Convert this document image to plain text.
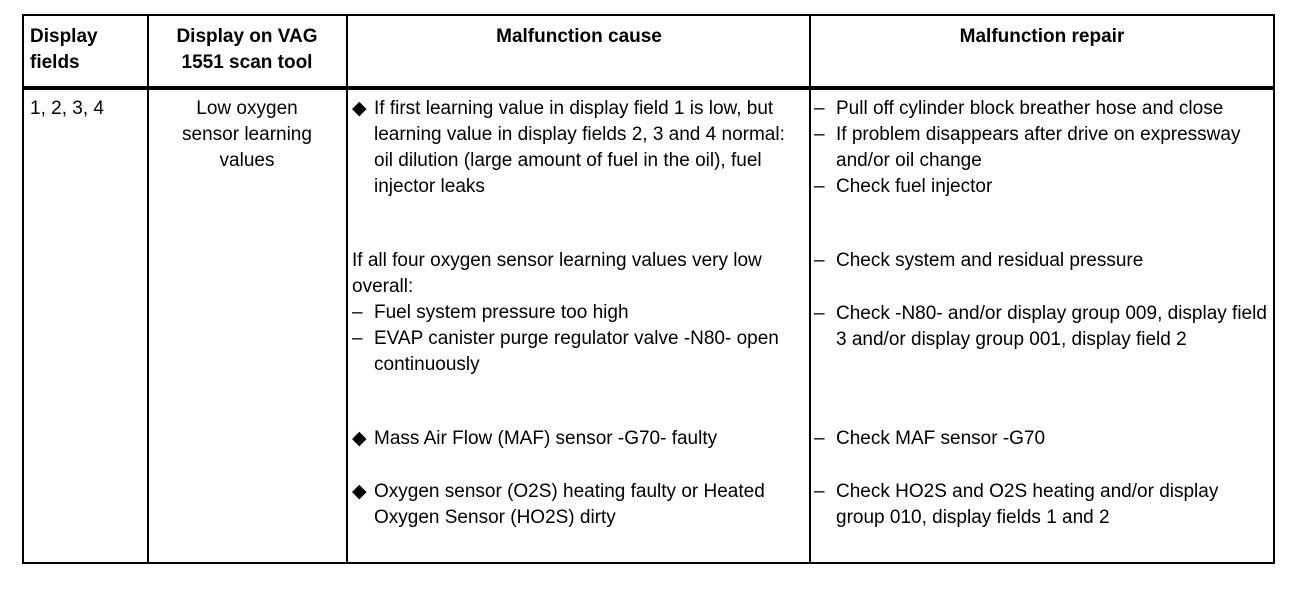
Display
fields
Display on VAG
1551 scan tool
Malfunction cause	Malfunction repair
1, 2, 3, 4	Low oxygen
sensor learning
values
◆ If first learning value in display field 1 is low, but learning value in display fields 2, 3 and 4 normal: oil dilution (large amount of fuel in the oil), fuel injector leaks
If all four oxygen sensor learning values very low overall:
– Fuel system pressure too high
– EVAP canister purge regulator valve -N80- open continuously
◆ Mass Air Flow (MAF) sensor -G70- faulty
◆ Oxygen sensor (O2S) heating faulty or Heated Oxygen Sensor (HO2S) dirty
– Pull off cylinder block breather hose and close
– If problem disappears after drive on expressway and/or oil change
– Check fuel injector
– Check system and residual pressure
– Check -N80- and/or display group 009, display field 3 and/or display group 001, display field 2
– Check MAF sensor -G70
– Check HO2S and O2S heating and/or display group 010, display fields 1 and 2
